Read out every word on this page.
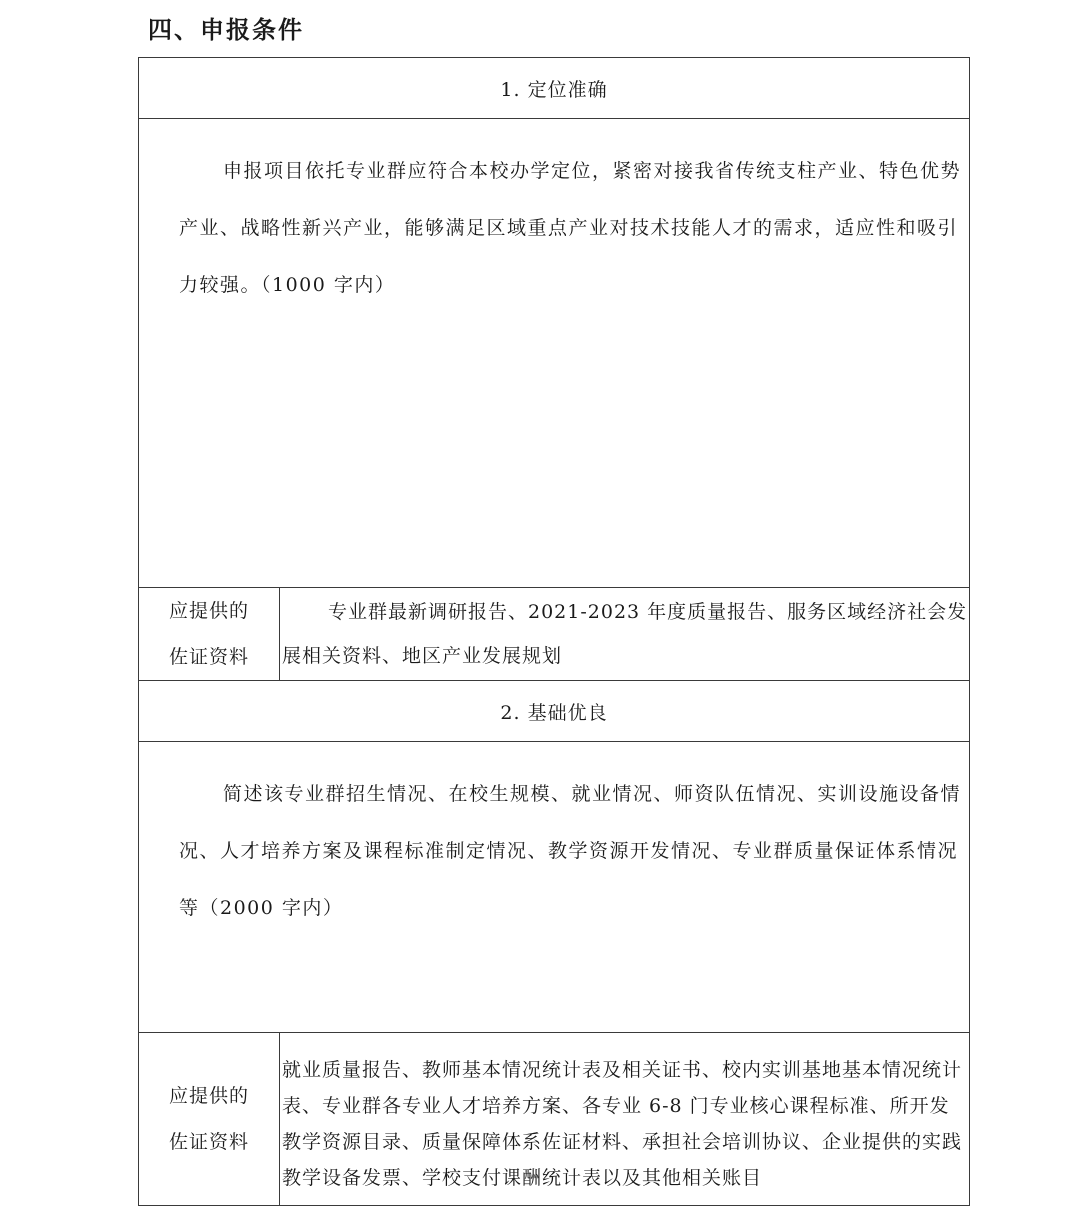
四、申报条件
1. 定位准确	

申报项目依托专业群应符合本校办学定位，紧密对接我省传统支柱产业、特色优势产业、战略性新兴产业，能够满足区域重点产业对技术技能人才的需求，适应性和吸引力较强。（1000 字内）	

应提供的
佐证资料	专业群最新调研报告、2021-2023 年度质量报告、服务区域经济社会发展相关资料、地区产业发展规划
2. 基础优良	

简述该专业群招生情况、在校生规模、就业情况、师资队伍情况、实训设施设备情况、人才培养方案及课程标准制定情况、教学资源开发情况、专业群质量保证体系情况等（2000 字内）	

应提供的
佐证资料	就业质量报告、教师基本情况统计表及相关证书、校内实训基地基本情况统计表、专业群各专业人才培养方案、各专业 6-8 门专业核心课程标准、所开发教学资源目录、质量保障体系佐证材料、承担社会培训协议、企业提供的实践教学设备发票、学校支付课酬统计表以及其他相关账目
